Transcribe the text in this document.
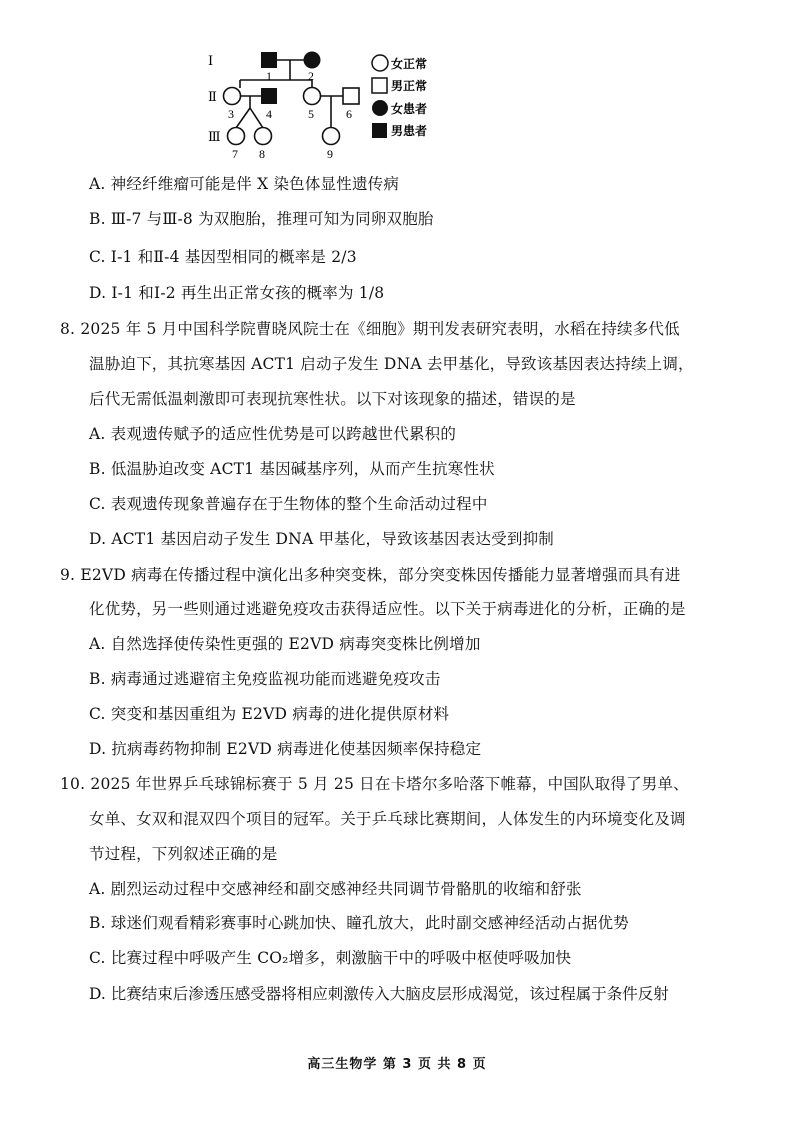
Ⅰ
Ⅱ
Ⅲ
1	2
3	4	5	6
7 8	9
女正常
男正常
女患者
男患者
A. 神经纤维瘤可能是伴 X 染色体显性遗传病
B. Ⅲ-7 与Ⅲ-8 为双胞胎，推理可知为同卵双胞胎
C. Ⅰ-1 和Ⅱ-4 基因型相同的概率是 2/3
D. Ⅰ-1 和Ⅰ-2 再生出正常女孩的概率为 1/8
8. 2025 年 5 月中国科学院曹晓风院士在《细胞》期刊发表研究表明，水稻在持续多代低
温胁迫下，其抗寒基因 ACT1 启动子发生 DNA 去甲基化，导致该基因表达持续上调，
后代无需低温刺激即可表现抗寒性状。以下对该现象的描述，错误的是
A. 表观遗传赋予的适应性优势是可以跨越世代累积的
B. 低温胁迫改变 ACT1 基因碱基序列，从而产生抗寒性状
C. 表观遗传现象普遍存在于生物体的整个生命活动过程中
D. ACT1 基因启动子发生 DNA 甲基化，导致该基因表达受到抑制
9. E2VD 病毒在传播过程中演化出多种突变株，部分突变株因传播能力显著增强而具有进
化优势，另一些则通过逃避免疫攻击获得适应性。以下关于病毒进化的分析，正确的是
A. 自然选择使传染性更强的 E2VD 病毒突变株比例增加
B. 病毒通过逃避宿主免疫监视功能而逃避免疫攻击
C. 突变和基因重组为 E2VD 病毒的进化提供原材料
D. 抗病毒药物抑制 E2VD 病毒进化使基因频率保持稳定
10. 2025 年世界乒乓球锦标赛于 5 月 25 日在卡塔尔多哈落下帷幕，中国队取得了男单、
女单、女双和混双四个项目的冠军。关于乒乓球比赛期间，人体发生的内环境变化及调
节过程，下列叙述正确的是
A. 剧烈运动过程中交感神经和副交感神经共同调节骨骼肌的收缩和舒张
B. 球迷们观看精彩赛事时心跳加快、瞳孔放大，此时副交感神经活动占据优势
C. 比赛过程中呼吸产生 CO₂增多，刺激脑干中的呼吸中枢使呼吸加快
D. 比赛结束后渗透压感受器将相应刺激传入大脑皮层形成渴觉，该过程属于条件反射
高三生物学 第 3 页 共 8 页
